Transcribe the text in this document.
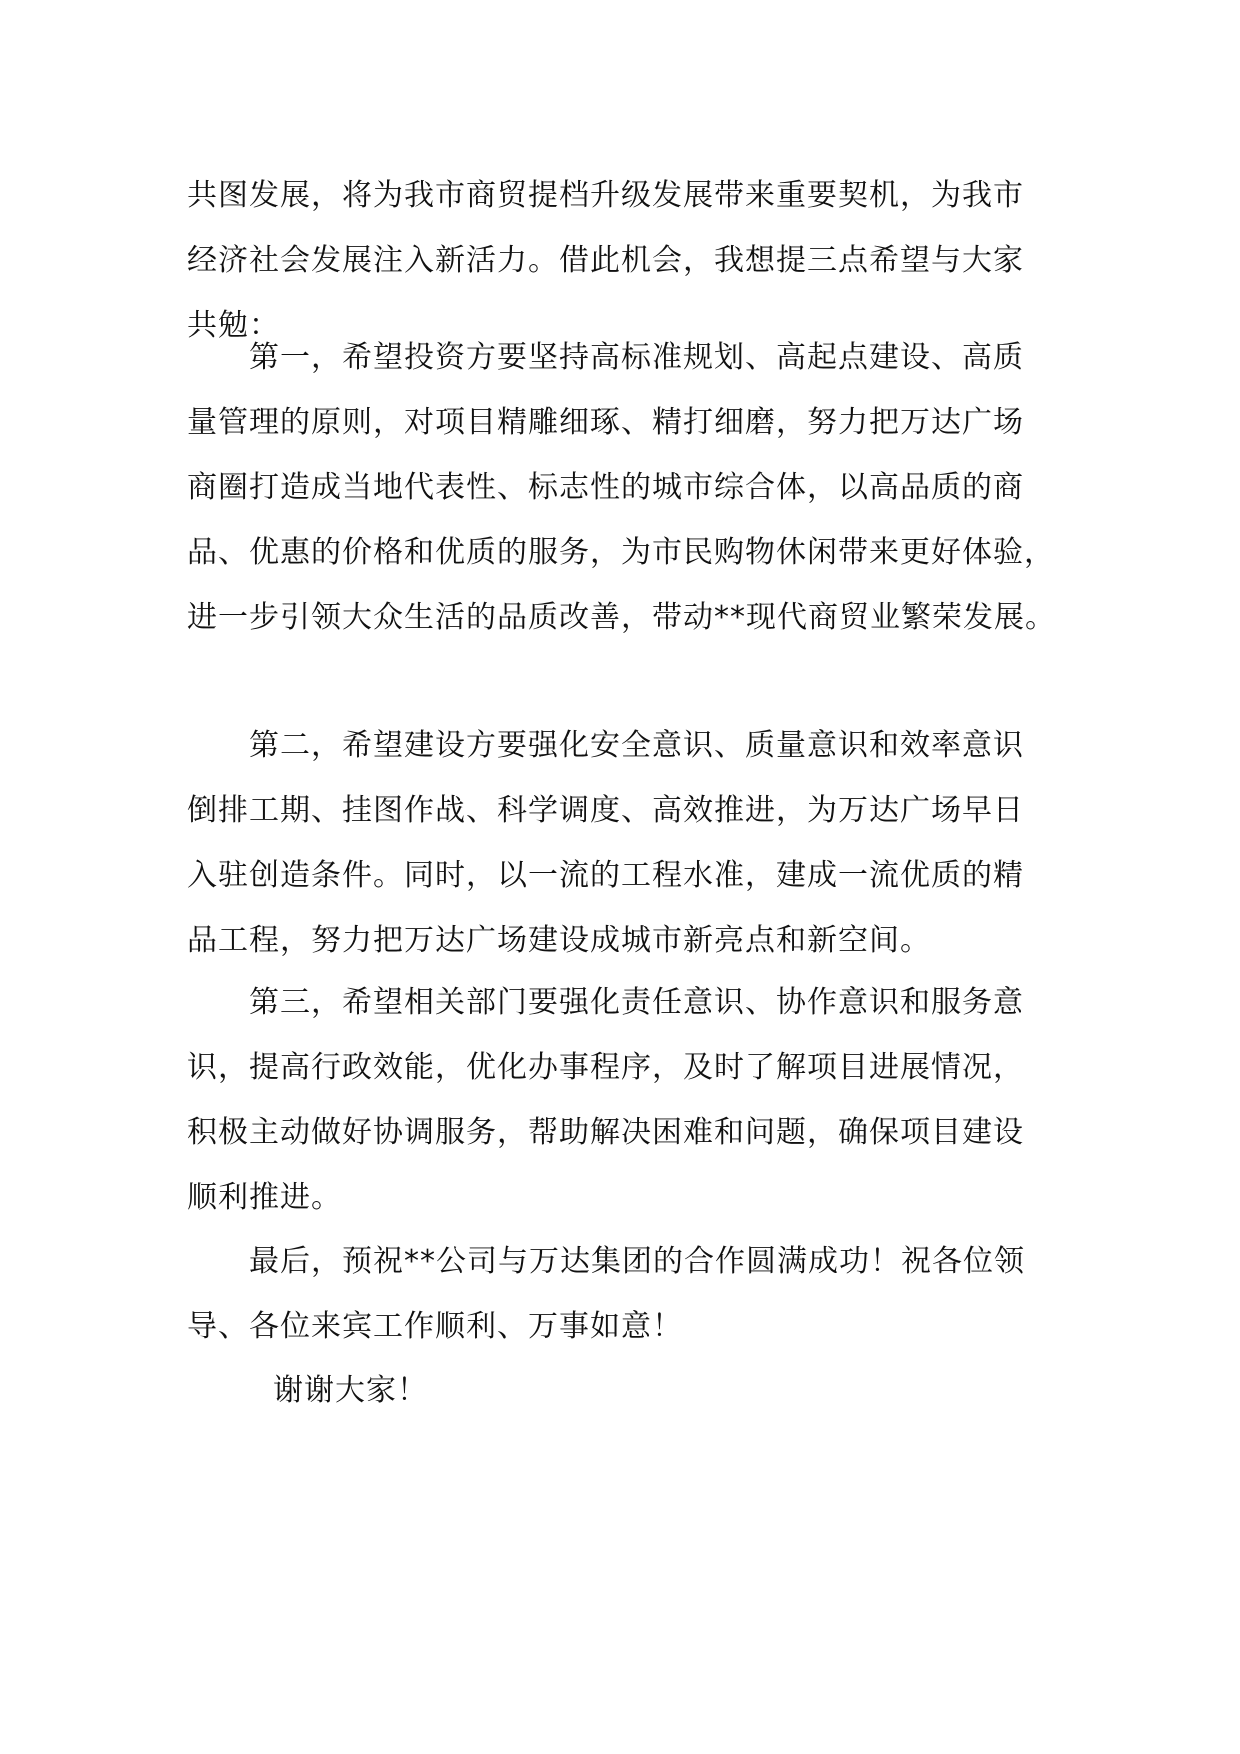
共图发展，将为我市商贸提档升级发展带来重要契机，为我市
经济社会发展注入新活力。借此机会，我想提三点希望与大家
共勉：
第一，希望投资方要坚持高标准规划、高起点建设、高质
量管理的原则，对项目精雕细琢、精打细磨，努力把万达广场
商圈打造成当地代表性、标志性的城市综合体，以高品质的商
品、优惠的价格和优质的服务，为市民购物休闲带来更好体验，
进一步引领大众生活的品质改善，带动**现代商贸业繁荣发展。
第二，希望建设方要强化安全意识、质量意识和效率意识
倒排工期、挂图作战、科学调度、高效推进，为万达广场早日
入驻创造条件。同时，以一流的工程水准，建成一流优质的精
品工程，努力把万达广场建设成城市新亮点和新空间。
第三，希望相关部门要强化责任意识、协作意识和服务意
识，提高行政效能，优化办事程序，及时了解项目进展情况，
积极主动做好协调服务，帮助解决困难和问题，确保项目建设
顺利推进。
最后，预祝**公司与万达集团的合作圆满成功！祝各位领
导、各位来宾工作顺利、万事如意！
谢谢大家！
